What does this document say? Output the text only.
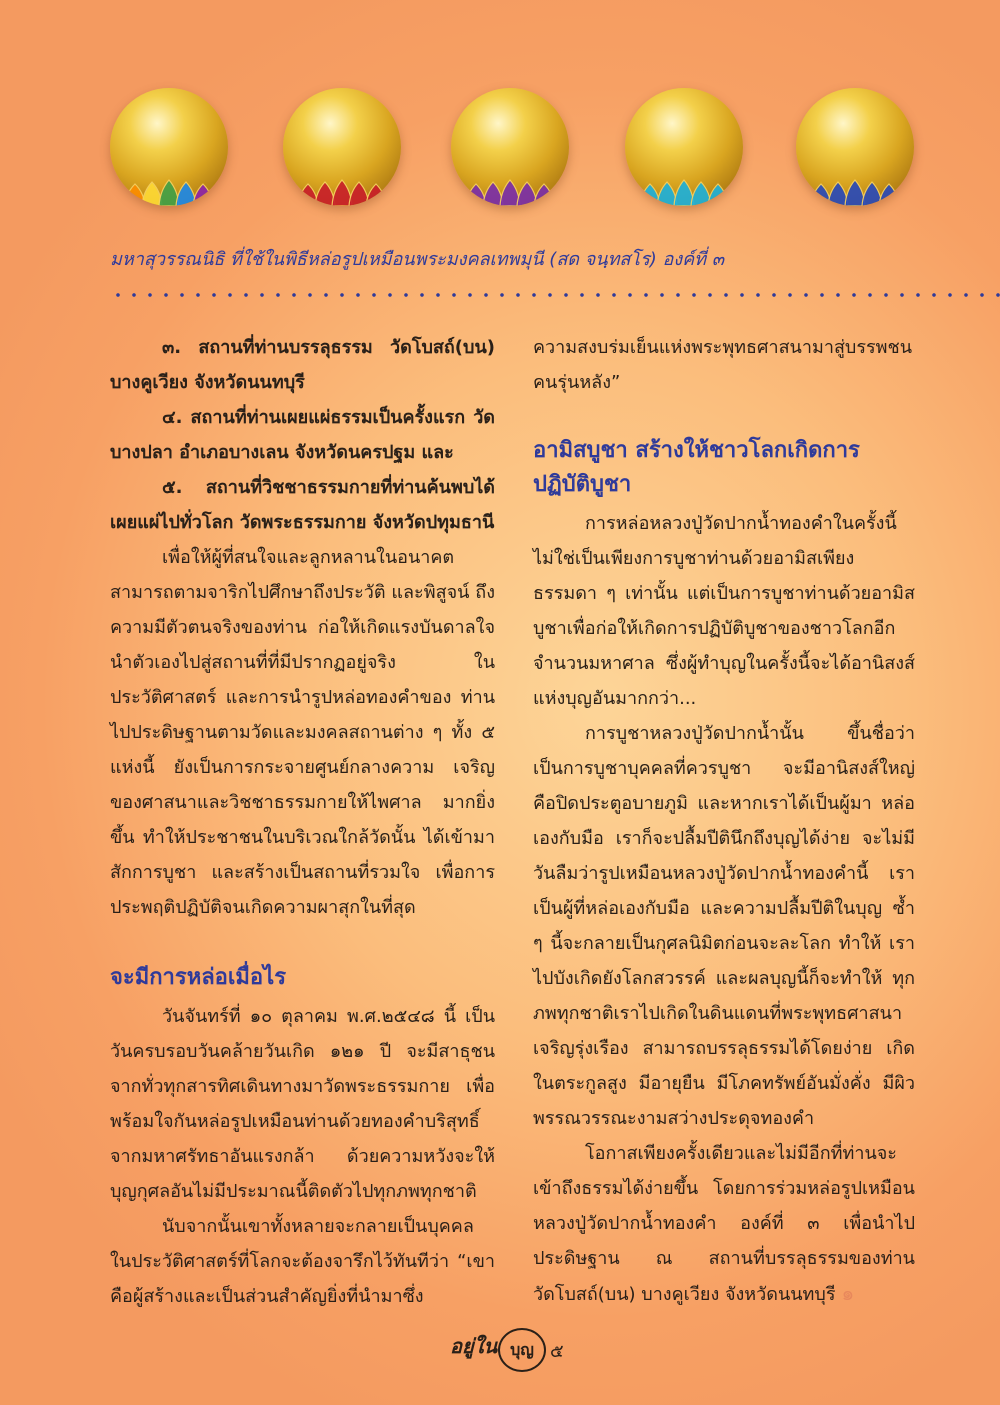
มหาสุวรรณนิธิ ที่ใช้ในพิธีหล่อรูปเหมือนพระมงคลเทพมุนี (สด จนฺทสโร) องค์ที่ ๓

๓. สถานที่ท่านบรรลุธรรม วัดโบสถ์(บน) บางคูเวียง จังหวัดนนทบุรี

๔. สถานที่ท่านเผยแผ่ธรรมเป็นครั้งแรก วัดบางปลา อำเภอบางเลน จังหวัดนครปฐม และ

๕. สถานที่วิชชาธรรมกายที่ท่านค้นพบได้ เผยแผ่ไปทั่วโลก วัดพระธรรมกาย จังหวัดปทุมธานี

เพื่อให้ผู้ที่สนใจและลูกหลานในอนาคต สามารถตามจาริกไปศึกษาถึงประวัติ และพิสูจน์ ถึงความมีตัวตนจริงของท่าน ก่อให้เกิดแรงบันดาลใจนำตัวเองไปสู่สถานที่ที่มีปรากฏอยู่จริง ในประวัติศาสตร์ และการนำรูปหล่อทองคำของ ท่านไปประดิษฐานตามวัดและมงคลสถานต่าง ๆ ทั้ง ๕ แห่งนี้ ยังเป็นการกระจายศูนย์กลางความ เจริญของศาสนาและวิชชาธรรมกายให้ไพศาล มากยิ่งขึ้น ทำให้ประชาชนในบริเวณใกล้วัดนั้น ได้เข้ามาสักการบูชา และสร้างเป็นสถานที่รวมใจ เพื่อการประพฤติปฏิบัติจนเกิดความผาสุกในที่สุด

จะมีการหล่อเมื่อไร

วันจันทร์ที่ ๑๐ ตุลาคม พ.ศ.๒๕๔๘ นี้ เป็น วันครบรอบวันคล้ายวันเกิด ๑๒๑ ปี จะมีสาธุชน จากทั่วทุกสารทิศเดินทางมาวัดพระธรรมกาย เพื่อ พร้อมใจกันหล่อรูปเหมือนท่านด้วยทองคำบริสุทธิ์ จากมหาศรัทธาอันแรงกล้า ด้วยความหวังจะให้ บุญกุศลอันไม่มีประมาณนี้ติดตัวไปทุกภพทุกชาติ

นับจากนั้นเขาทั้งหลายจะกลายเป็นบุคคล ในประวัติศาสตร์ที่โลกจะต้องจารึกไว้ทันทีว่า “เขาคือผู้สร้างและเป็นส่วนสำคัญยิ่งที่นำมาซึ่ง

ความสงบร่มเย็นแห่งพระพุทธศาสนามาสู่บรรพชนคนรุ่นหลัง”

อามิสบูชา สร้างให้ชาวโลกเกิดการปฏิบัติบูชา

การหล่อหลวงปู่วัดปากน้ำทองคำในครั้งนี้ ไม่ใช่เป็นเพียงการบูชาท่านด้วยอามิสเพียง ธรรมดา ๆ เท่านั้น แต่เป็นการบูชาท่านด้วยอามิสบูชาเพื่อก่อให้เกิดการปฏิบัติบูชาของชาวโลกอีก จำนวนมหาศาล ซึ่งผู้ทำบุญในครั้งนี้จะได้อานิสงส์ แห่งบุญอันมากกว่า...

การบูชาหลวงปู่วัดปากน้ำนั้น ขึ้นชื่อว่า เป็นการบูชาบุคคลที่ควรบูชา จะมีอานิสงส์ใหญ่ คือปิดประตูอบายภูมิ และหากเราได้เป็นผู้มา หล่อเองกับมือ เราก็จะปลื้มปีตินึกถึงบุญได้ง่าย จะไม่มีวันลืมว่ารูปเหมือนหลวงปู่วัดปากน้ำทองคำนี้ เราเป็นผู้ที่หล่อเองกับมือ และความปลื้มปีติในบุญ ซ้ำ ๆ นี้จะกลายเป็นกุศลนิมิตก่อนจะละโลก ทำให้ เราไปบังเกิดยังโลกสวรรค์ และผลบุญนี้ก็จะทำให้ ทุกภพทุกชาติเราไปเกิดในดินแดนที่พระพุทธศาสนาเจริญรุ่งเรือง สามารถบรรลุธรรมได้โดยง่าย เกิดในตระกูลสูง มีอายุยืน มีโภคทรัพย์อันมั่งคั่ง มีผิวพรรณวรรณะงามสว่างประดุจทองคำ

โอกาสเพียงครั้งเดียวและไม่มีอีกที่ท่านจะ เข้าถึงธรรมได้ง่ายขึ้น โดยการร่วมหล่อรูปเหมือน หลวงปู่วัดปากน้ำทองคำ องค์ที่ ๓ เพื่อนำไป ประดิษฐาน ณ สถานที่บรรลุธรรมของท่าน วัดโบสถ์(บน) บางคูเวียง จังหวัดนนทบุรี ๑

อยู่ใน บุญ ๕
